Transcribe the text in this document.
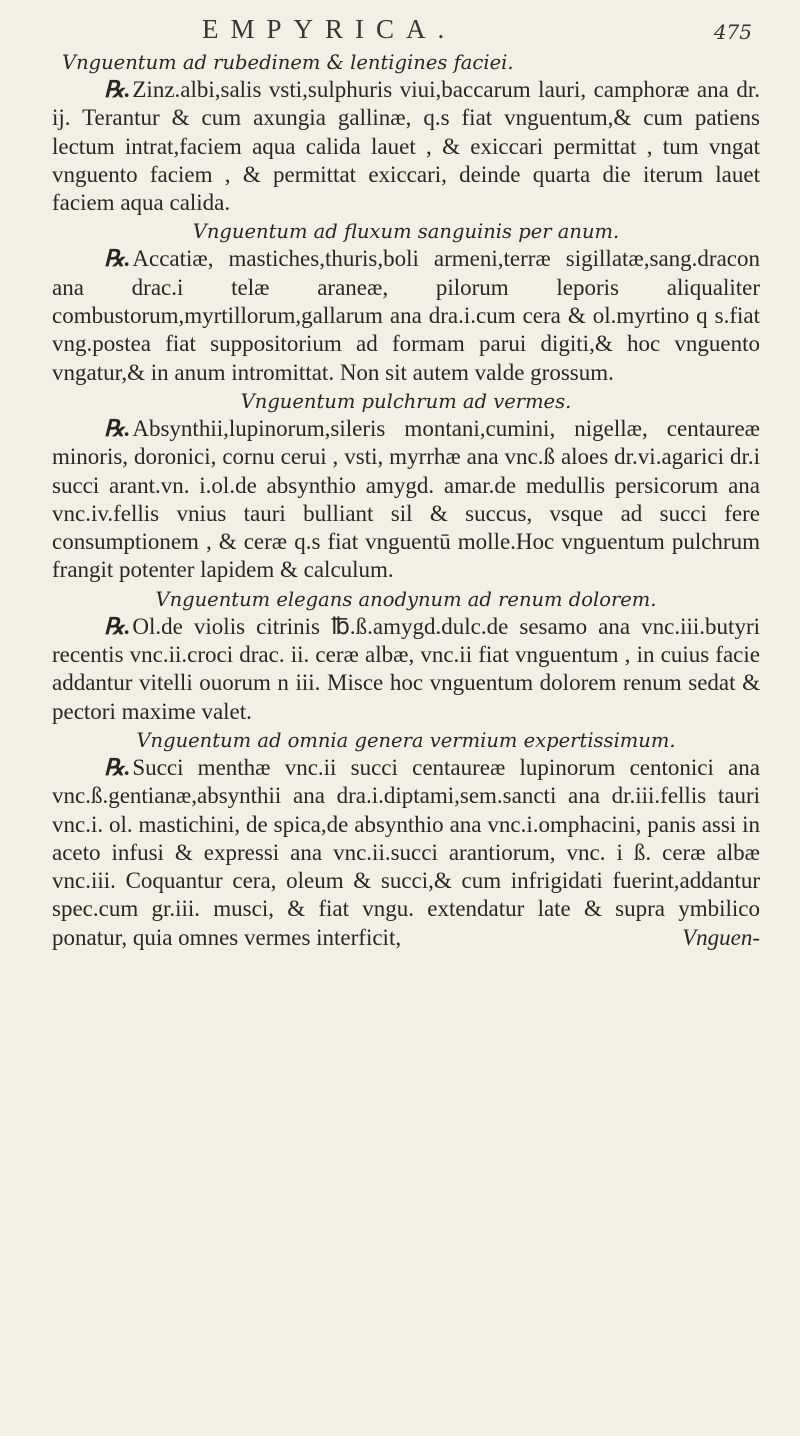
EMPYRICA.	475

Vnguentum ad rubedinem & lentigines faciei.

℞.Zinz.albi,salis vsti,sulphuris viui,baccarum lauri, camphoræ ana dr. ij. Terantur & cum axungia gallinæ, q.s fiat vnguentum,& cum patiens lectum intrat,faciem aqua calida lauet , & exiccari permittat , tum vngat vnguento faciem , & permittat exiccari, deinde quarta die iterum lauet faciem aqua calida.

Vnguentum ad fluxum sanguinis per anum.

℞.Accatiæ, mastiches,thuris,boli armeni,terræ sigillatæ,sang.dracon ana drac.i telæ araneæ, pilorum leporis aliqualiter combustorum,myrtillorum,gallarum ana dra.i.cum cera & ol.myrtino q s.fiat vng.postea fiat suppositorium ad formam parui digiti,& hoc vnguento vngatur,& in anum intromittat. Non sit autem valde grossum.

Vnguentum pulchrum ad vermes.

℞.Absynthii,lupinorum,sileris montani,cumini, nigellæ, centaureæ minoris, doronici, cornu cerui , vsti, myrrhæ ana vnc.ß aloes dr.vi.agarici dr.i succi arant.vn. i.ol.de absynthio amygd. amar.de medullis persicorum ana vnc.iv.fellis vnius tauri bulliant sil & succus, vsque ad succi fere consumptionem , & ceræ q.s fiat vnguentū molle.Hoc vnguentum pulchrum frangit potenter lapidem & calculum.

Vnguentum elegans anodynum ad renum dolorem.

℞.Ol.de violis citrinis ℔.ß.amygd.dulc.de sesamo ana vnc.iii.butyri recentis vnc.ii.croci drac. ii. ceræ albæ, vnc.ii fiat vnguentum , in cuius facie addantur vitelli ouorum n iii. Misce hoc vnguentum dolorem renum sedat & pectori maxime valet.

Vnguentum ad omnia genera vermium expertissimum.

℞.Succi menthæ vnc.ii succi centaureæ lupinorum centonici ana vnc.ß.gentianæ,absynthii ana dra.i.diptami,sem.sancti ana dr.iii.fellis tauri vnc.i. ol. mastichini, de spica,de absynthio ana vnc.i.omphacini, panis assi in aceto infusi & expressi ana vnc.ii.succi arantiorum, vnc. i ß. ceræ albæ vnc.iii. Coquantur cera, oleum & succi,& cum infrigidati fuerint,addantur spec.cum gr.iii. musci, & fiat vngu. extendatur late & supra ymbilico ponatur, quia omnes vermes interficit,	Vnguen-
